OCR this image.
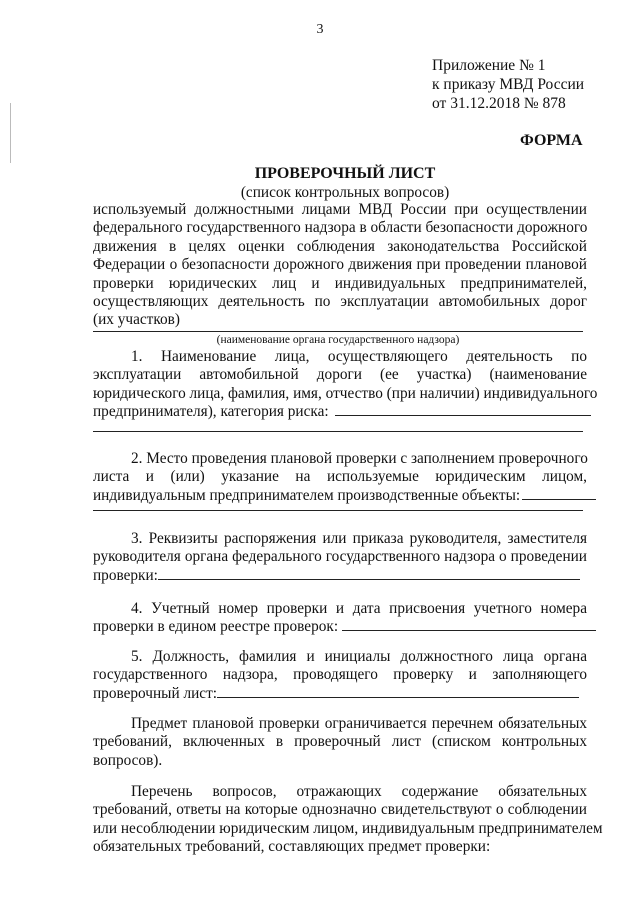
3
Приложение № 1
к приказу МВД России
от 31.12.2018 № 878
ФОРМА
ПРОВЕРОЧНЫЙ ЛИСТ
(список контрольных вопросов)
используемый должностными лицами МВД России при осуществлении
федерального государственного надзора в области безопасности дорожного
движения в целях оценки соблюдения законодательства Российской
Федерации о безопасности дорожного движения при проведении плановой
проверки юридических лиц и индивидуальных предпринимателей,
осуществляющих деятельность по эксплуатации автомобильных дорог
(их участков)
(наименование органа государственного надзора)
1. Наименование лица, осуществляющего деятельность по
эксплуатации автомобильной дороги (ее участка) (наименование
юридического лица, фамилия, имя, отчество (при наличии) индивидуального
предпринимателя), категория риска:
2. Место проведения плановой проверки с заполнением проверочного
листа и (или) указание на используемые юридическим лицом,
индивидуальным предпринимателем производственные объекты:
3. Реквизиты распоряжения или приказа руководителя, заместителя
руководителя органа федерального государственного надзора о проведении
проверки:
4. Учетный номер проверки и дата присвоения учетного номера
проверки в едином реестре проверок:
5. Должность, фамилия и инициалы должностного лица органа
государственного надзора, проводящего проверку и заполняющего
проверочный лист:
Предмет плановой проверки ограничивается перечнем обязательных
требований, включенных в проверочный лист (списком контрольных
вопросов).
Перечень вопросов, отражающих содержание обязательных
требований, ответы на которые однозначно свидетельствуют о соблюдении
или несоблюдении юридическим лицом, индивидуальным предпринимателем
обязательных требований, составляющих предмет проверки:
